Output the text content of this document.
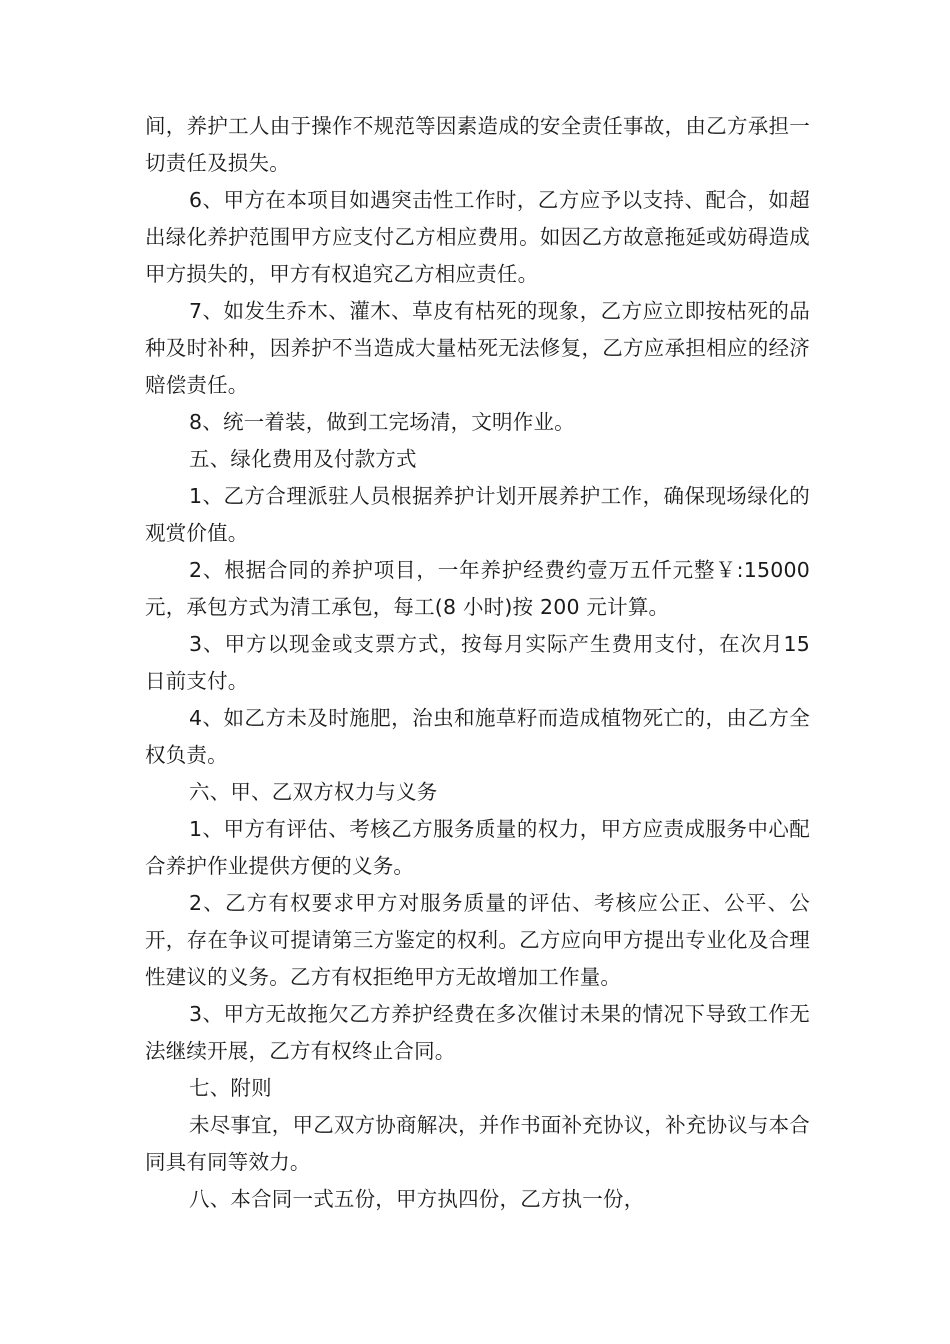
间，养护工人由于操作不规范等因素造成的安全责任事故，由乙方承担一切责任及损失。

6、甲方在本项目如遇突击性工作时，乙方应予以支持、配合，如超出绿化养护范围甲方应支付乙方相应费用。如因乙方故意拖延或妨碍造成甲方损失的，甲方有权追究乙方相应责任。

7、如发生乔木、灌木、草皮有枯死的现象，乙方应立即按枯死的品种及时补种，因养护不当造成大量枯死无法修复，乙方应承担相应的经济赔偿责任。

8、统一着装，做到工完场清，文明作业。

五、绿化费用及付款方式

1、乙方合理派驻人员根据养护计划开展养护工作，确保现场绿化的观赏价值。

2、根据合同的养护项目，一年养护经费约壹万五仟元整￥:15000元，承包方式为清工承包，每工(8 小时)按 200 元计算。

3、甲方以现金或支票方式，按每月实际产生费用支付，在次月15 日前支付。

4、如乙方未及时施肥，治虫和施草籽而造成植物死亡的，由乙方全权负责。

六、甲、乙双方权力与义务

1、甲方有评估、考核乙方服务质量的权力，甲方应责成服务中心配合养护作业提供方便的义务。

2、乙方有权要求甲方对服务质量的评估、考核应公正、公平、公开，存在争议可提请第三方鉴定的权利。乙方应向甲方提出专业化及合理性建议的义务。乙方有权拒绝甲方无故增加工作量。

3、甲方无故拖欠乙方养护经费在多次催讨未果的情况下导致工作无法继续开展，乙方有权终止合同。

七、附则

未尽事宜，甲乙双方协商解决，并作书面补充协议，补充协议与本合同具有同等效力。

八、本合同一式五份，甲方执四份，乙方执一份，
